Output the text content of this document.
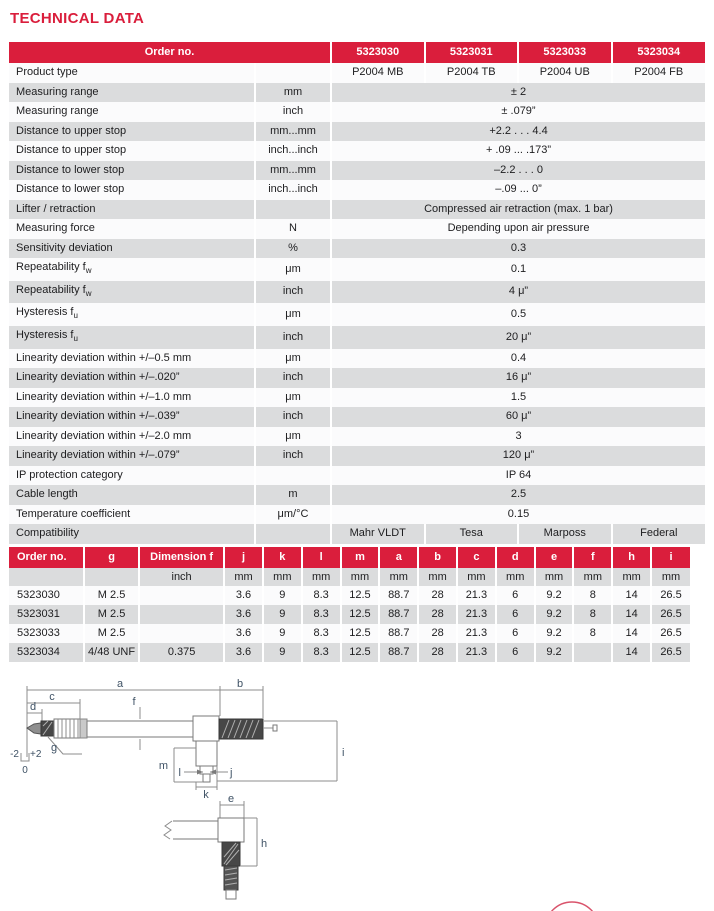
TECHNICAL DATA
Order no.		5323030	5323031	5323033	5323034
Product type		P2004 MB	P2004 TB	P2004 UB	P2004 FB
Measuring range	mm	± 2			
Measuring range	inch	± .079”			
Distance to upper stop	mm...mm	+2.2 . . . 4.4			
Distance to upper stop	inch...inch	+ .09 ... .173”			
Distance to lower stop	mm...mm	–2.2 . . . 0			
Distance to lower stop	inch...inch	–.09 ... 0”			
Lifter / retraction		Compressed air retraction (max. 1 bar)			
Measuring force	N	Depending upon air pressure			
Sensitivity deviation	%	0.3			
Repeatability $f_w$	μm	0.1			
Repeatability $f_w$	inch	4 μ”			
Hysteresis $f_u$	μm	0.5			
Hysteresis $f_u$	inch	20 μ”			
Linearity deviation within +/–0.5 mm	μm	0.4			
Linearity deviation within +/–.020”	inch	16 μ”			
Linearity deviation within +/–1.0 mm	μm	1.5			
Linearity deviation within +/–.039”	inch	60 μ”			
Linearity deviation within +/–2.0 mm	μm	3			
Linearity deviation within +/–.079”	inch	120 μ”			
IP protection category		IP 64			
Cable length	m	2.5			
Temperature coefficient	μm/°C	0.15			
Compatibility		Mahr VLDT	Tesa	Marposs	Federal
Order no.	g	Dimension f	j	k	l	m	a	b	c	d	e	f	h	i
		inch	mm	mm	mm	mm	mm	mm	mm	mm	mm	mm	mm	mm
5323030	M 2.5		3.6	9	8.3	12.5	88.7	28	21.3	6	9.2	8	14	26.5
5323031	M 2.5		3.6	9	8.3	12.5	88.7	28	21.3	6	9.2	8	14	26.5
5323033	M 2.5		3.6	9	8.3	12.5	88.7	28	21.3	6	9.2	8	14	26.5
5323034	4/48 UNF	0.375	3.6	9	8.3	12.5	88.7	28	21.3	6	9.2		14	26.5
a	b
c
d	f
g
-2 +2
0	m
l	j
k
i
e
h
